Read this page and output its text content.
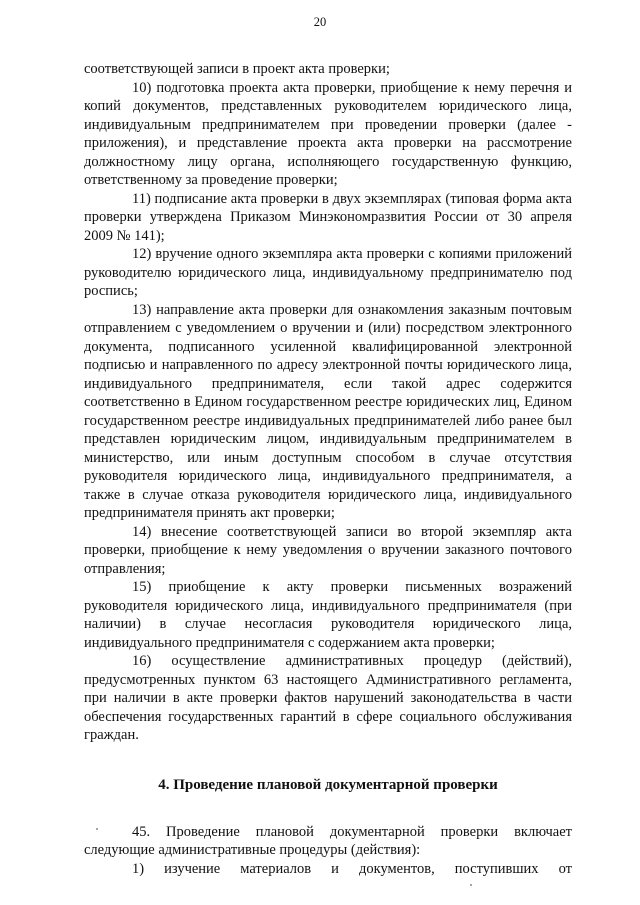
20

соответствующей записи в проект акта проверки;

10) подготовка проекта акта проверки, приобщение к нему перечня и копий документов, представленных руководителем юридического лица, индивидуальным предпринимателем при проведении проверки (далее - приложения), и представление проекта акта проверки на рассмотрение должностному лицу органа, исполняющего государственную функцию, ответственному за проведение проверки;

11) подписание акта проверки в двух экземплярах (типовая форма акта проверки утверждена Приказом Минэкономразвития России от 30 апреля 2009 № 141);

12) вручение одного экземпляра акта проверки с копиями приложений руководителю юридического лица, индивидуальному предпринимателю под роспись;

13) направление акта проверки для ознакомления заказным почтовым отправлением с уведомлением о вручении и (или) посредством электронного документа, подписанного усиленной квалифицированной электронной подписью и направленного по адресу электронной почты юридического лица, индивидуального предпринимателя, если такой адрес содержится соответственно в Едином государственном реестре юридических лиц, Едином государственном реестре индивидуальных предпринимателей либо ранее был представлен юридическим лицом, индивидуальным предпринимателем в министерство, или иным доступным способом в случае отсутствия руководителя юридического лица, индивидуального предпринимателя, а также в случае отказа руководителя юридического лица, индивидуального предпринимателя принять акт проверки;

14) внесение соответствующей записи во второй экземпляр акта проверки, приобщение к нему уведомления о вручении заказного почтового отправления;

15) приобщение к акту проверки письменных возражений руководителя юридического лица, индивидуального предпринимателя (при наличии) в случае несогласия руководителя юридического лица, индивидуального предпринимателя с содержанием акта проверки;

16) осуществление административных процедур (действий), предусмотренных пунктом 63 настоящего Административного регламента, при наличии в акте проверки фактов нарушений законодательства в части обеспечения государственных гарантий в сфере социального обслуживания граждан.

4. Проведение плановой документарной проверки

45. Проведение плановой документарной проверки включает следующие административные процедуры (действия):

1) изучение материалов и документов, поступивших от
